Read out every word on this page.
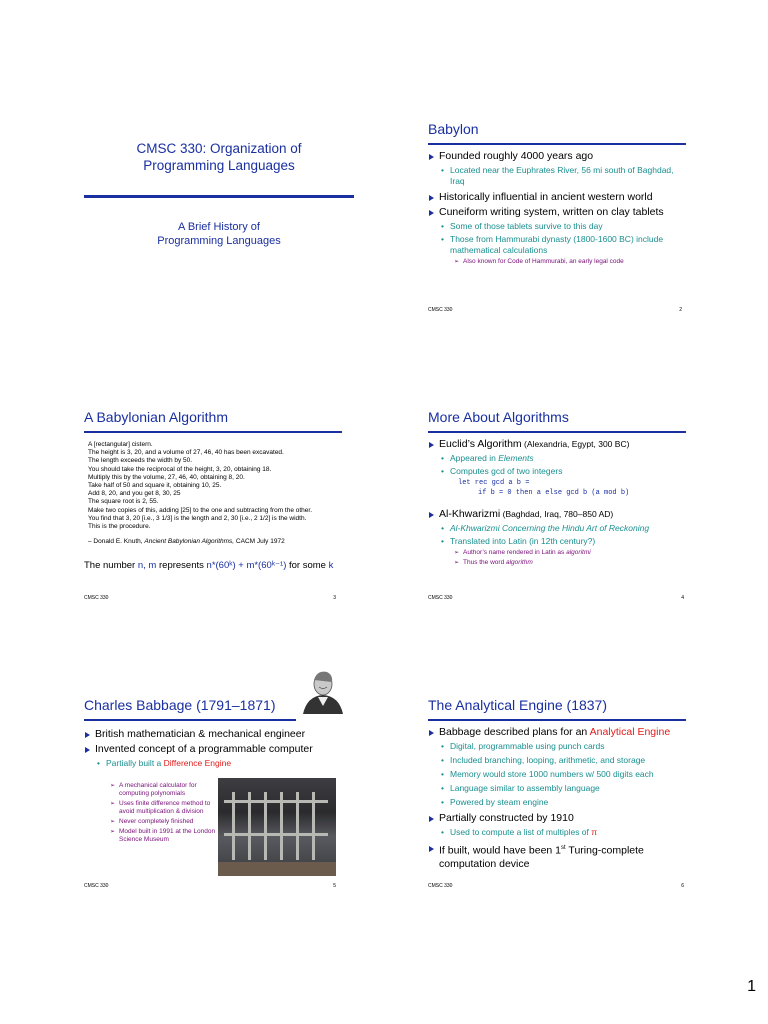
CMSC 330: Organization of
Programming Languages
A Brief History of
Programming Languages
Babylon
Founded roughly 4000 years ago
• Located near the Euphrates River, 56 mi south of Baghdad, Iraq
Historically influential in ancient western world
Cuneiform writing system, written on clay tablets
• Some of those tablets survive to this day
• Those from Hammurabi dynasty (1800-1600 BC) include mathematical calculations
➢ Also known for Code of Hammurabi, an early legal code
CMSC 330	2
A Babylonian Algorithm
A [rectangular] cistern.
The height is 3, 20, and a volume of 27, 46, 40 has been excavated.
The length exceeds the width by 50.
You should take the reciprocal of the height, 3, 20, obtaining 18.
Multiply this by the volume, 27, 46, 40, obtaining 8, 20.
Take half of 50 and square it, obtaining 10, 25.
Add 8, 20, and you get 8, 30, 25
The square root is 2, 55.
Make two copies of this, adding [25] to the one and subtracting from the other.
You find that 3, 20 [i.e., 3 1/3] is the length and 2, 30 [i.e., 2 1/2] is the width.
This is the procedure.
– Donald E. Knuth, Ancient Babylonian Algorithms, CACM July 1972
The number n, m represents n*(60ᵏ) + m*(60ᵏ⁻¹) for some k
CMSC 330	3
More About Algorithms
Euclid’s Algorithm (Alexandria, Egypt, 300 BC)
• Appeared in Elements
• Computes gcd of two integers
let rec gcd a b =
if b = 0 then a else gcd b (a mod b)
Al-Khwarizmi (Baghdad, Iraq, 780–850 AD)
• Al-Khwarizmi Concerning the Hindu Art of Reckoning
• Translated into Latin (in 12th century?)
➢ Author’s name rendered in Latin as algoritmi
➢ Thus the word algorithm
CMSC 330	4
Charles Babbage (1791–1871)
British mathematician & mechanical engineer
Invented concept of a programmable computer
• Partially built a Difference Engine
➢ A mechanical calculator for computing polynomials
➢ Uses finite difference method to avoid multiplication & division
➢ Never completely finished
➢ Model built in 1991 at the London Science Museum
CMSC 330	5
The Analytical Engine (1837)
Babbage described plans for an Analytical Engine
• Digital, programmable using punch cards
• Included branching, looping, arithmetic, and storage
• Memory would store 1000 numbers w/ 500 digits each
• Language similar to assembly language
• Powered by steam engine
Partially constructed by 1910
• Used to compute a list of multiples of π
If built, would have been 1st Turing-complete computation device
CMSC 330	6
1
